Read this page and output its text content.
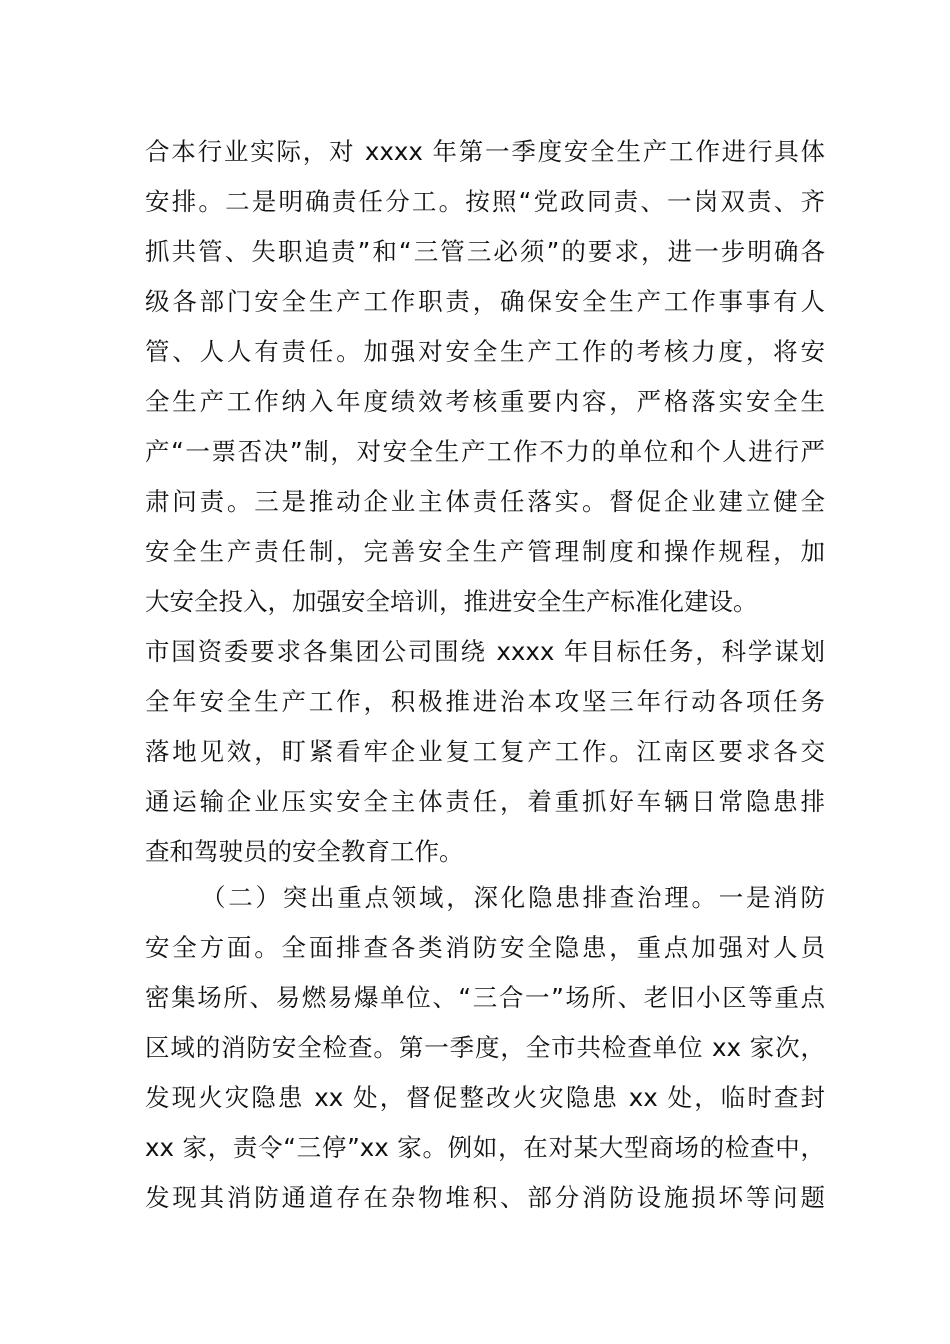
合本行业实际，对 xxxx 年第一季度安全生产工作进行具体
安排。二是明确责任分工。按照“党政同责、一岗双责、齐
抓共管、失职追责”和“三管三必须”的要求，进一步明确各
级各部门安全生产工作职责，确保安全生产工作事事有人
管、人人有责任。加强对安全生产工作的考核力度，将安
全生产工作纳入年度绩效考核重要内容，严格落实安全生
产“一票否决”制，对安全生产工作不力的单位和个人进行严
肃问责。三是推动企业主体责任落实。督促企业建立健全
安全生产责任制，完善安全生产管理制度和操作规程，加
大安全投入，加强安全培训，推进安全生产标准化建设。
市国资委要求各集团公司围绕 xxxx 年目标任务，科学谋划
全年安全生产工作，积极推进治本攻坚三年行动各项任务
落地见效，盯紧看牢企业复工复产工作。江南区要求各交
通运输企业压实安全主体责任，着重抓好车辆日常隐患排
查和驾驶员的安全教育工作。
（二）突出重点领域，深化隐患排查治理。一是消防
安全方面。全面排查各类消防安全隐患，重点加强对人员
密集场所、易燃易爆单位、“三合一”场所、老旧小区等重点
区域的消防安全检查。第一季度，全市共检查单位 xx 家次，
发现火灾隐患 xx 处，督促整改火灾隐患 xx 处，临时查封
xx 家，责令“三停”xx 家。例如，在对某大型商场的检查中，
发现其消防通道存在杂物堆积、部分消防设施损坏等问题
